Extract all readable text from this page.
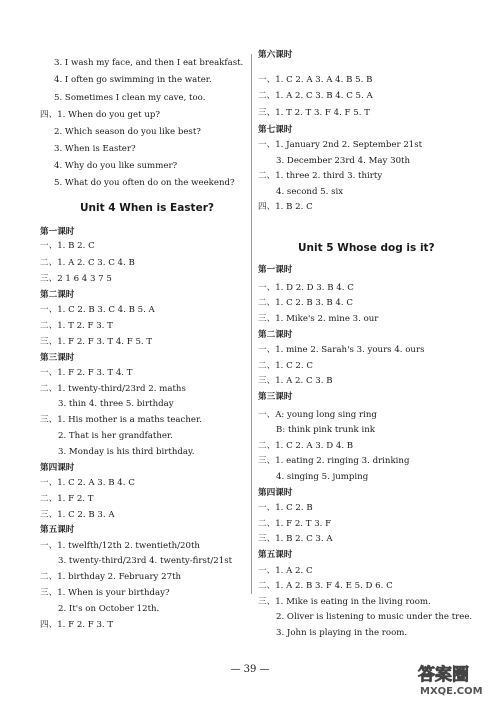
3. I wash my face, and then I eat breakfast.
4. I often go swimming in the water.
5. Sometimes I clean my cave, too.
四、1. When do you get up?
2. Which season do you like best?
3. When is Easter?
4. Why do you like summer?
5. What do you often do on the weekend?
Unit 4 When is Easter?
第一课时
一、1. B 2. C
二、1. A 2. C 3. C 4. B
三、2 1 6 4 3 7 5
第二课时
一、1. C 2. B 3. C 4. B 5. A
二、1. T 2. F 3. T
三、1. F 2. F 3. T 4. F 5. T
第三课时
一、1. F 2. F 3. T 4. T
二、1. twenty-third/23rd 2. maths
3. thin 4. three 5. birthday
三、1. His mother is a maths teacher.
2. That is her grandfather.
3. Monday is his third birthday.
第四课时
一、1. C 2. A 3. B 4. C
二、1. F 2. T
三、1. C 2. B 3. A
第五课时
一、1. twelfth/12th 2. twentieth/20th
3. twenty-third/23rd 4. twenty-first/21st
二、1. birthday 2. February 27th
三、1. When is your birthday?
2. It's on October 12th.
四、1. F 2. F 3. T
第六课时
一、1. C 2. A 3. A 4. B 5. B
二、1. A 2. C 3. B 4. C 5. A
三、1. T 2. T 3. F 4. F 5. T
第七课时
一、1. January 2nd 2. September 21st
3. December 23rd 4. May 30th
二、1. three 2. third 3. thirty
4. second 5. six
四、1. B 2. C
Unit 5 Whose dog is it?
第一课时
一、1. D 2. D 3. B 4. C
二、1. C 2. B 3. B 4. C
三、1. Mike's 2. mine 3. our
第二课时
一、1. mine 2. Sarah's 3. yours 4. ours
二、1. C 2. C
三、1. A 2. C 3. B
第三课时
一、A: young long sing ring
B: think pink trunk ink
二、1. C 2. A 3. D 4. B
三、1. eating 2. ringing 3. drinking
4. singing 5. jumping
第四课时
一、1. C 2. B
二、1. F 2. T 3. F
三、1. B 2. C 3. A
第五课时
一、1. A 2. C
二、1. A 2. B 3. F 4. E 5. D 6. C
三、1. Mike is eating in the living room.
2. Oliver is listening to music under the tree.
3. John is playing in the room.
— 39 —	答案圈
MXQE.COM
